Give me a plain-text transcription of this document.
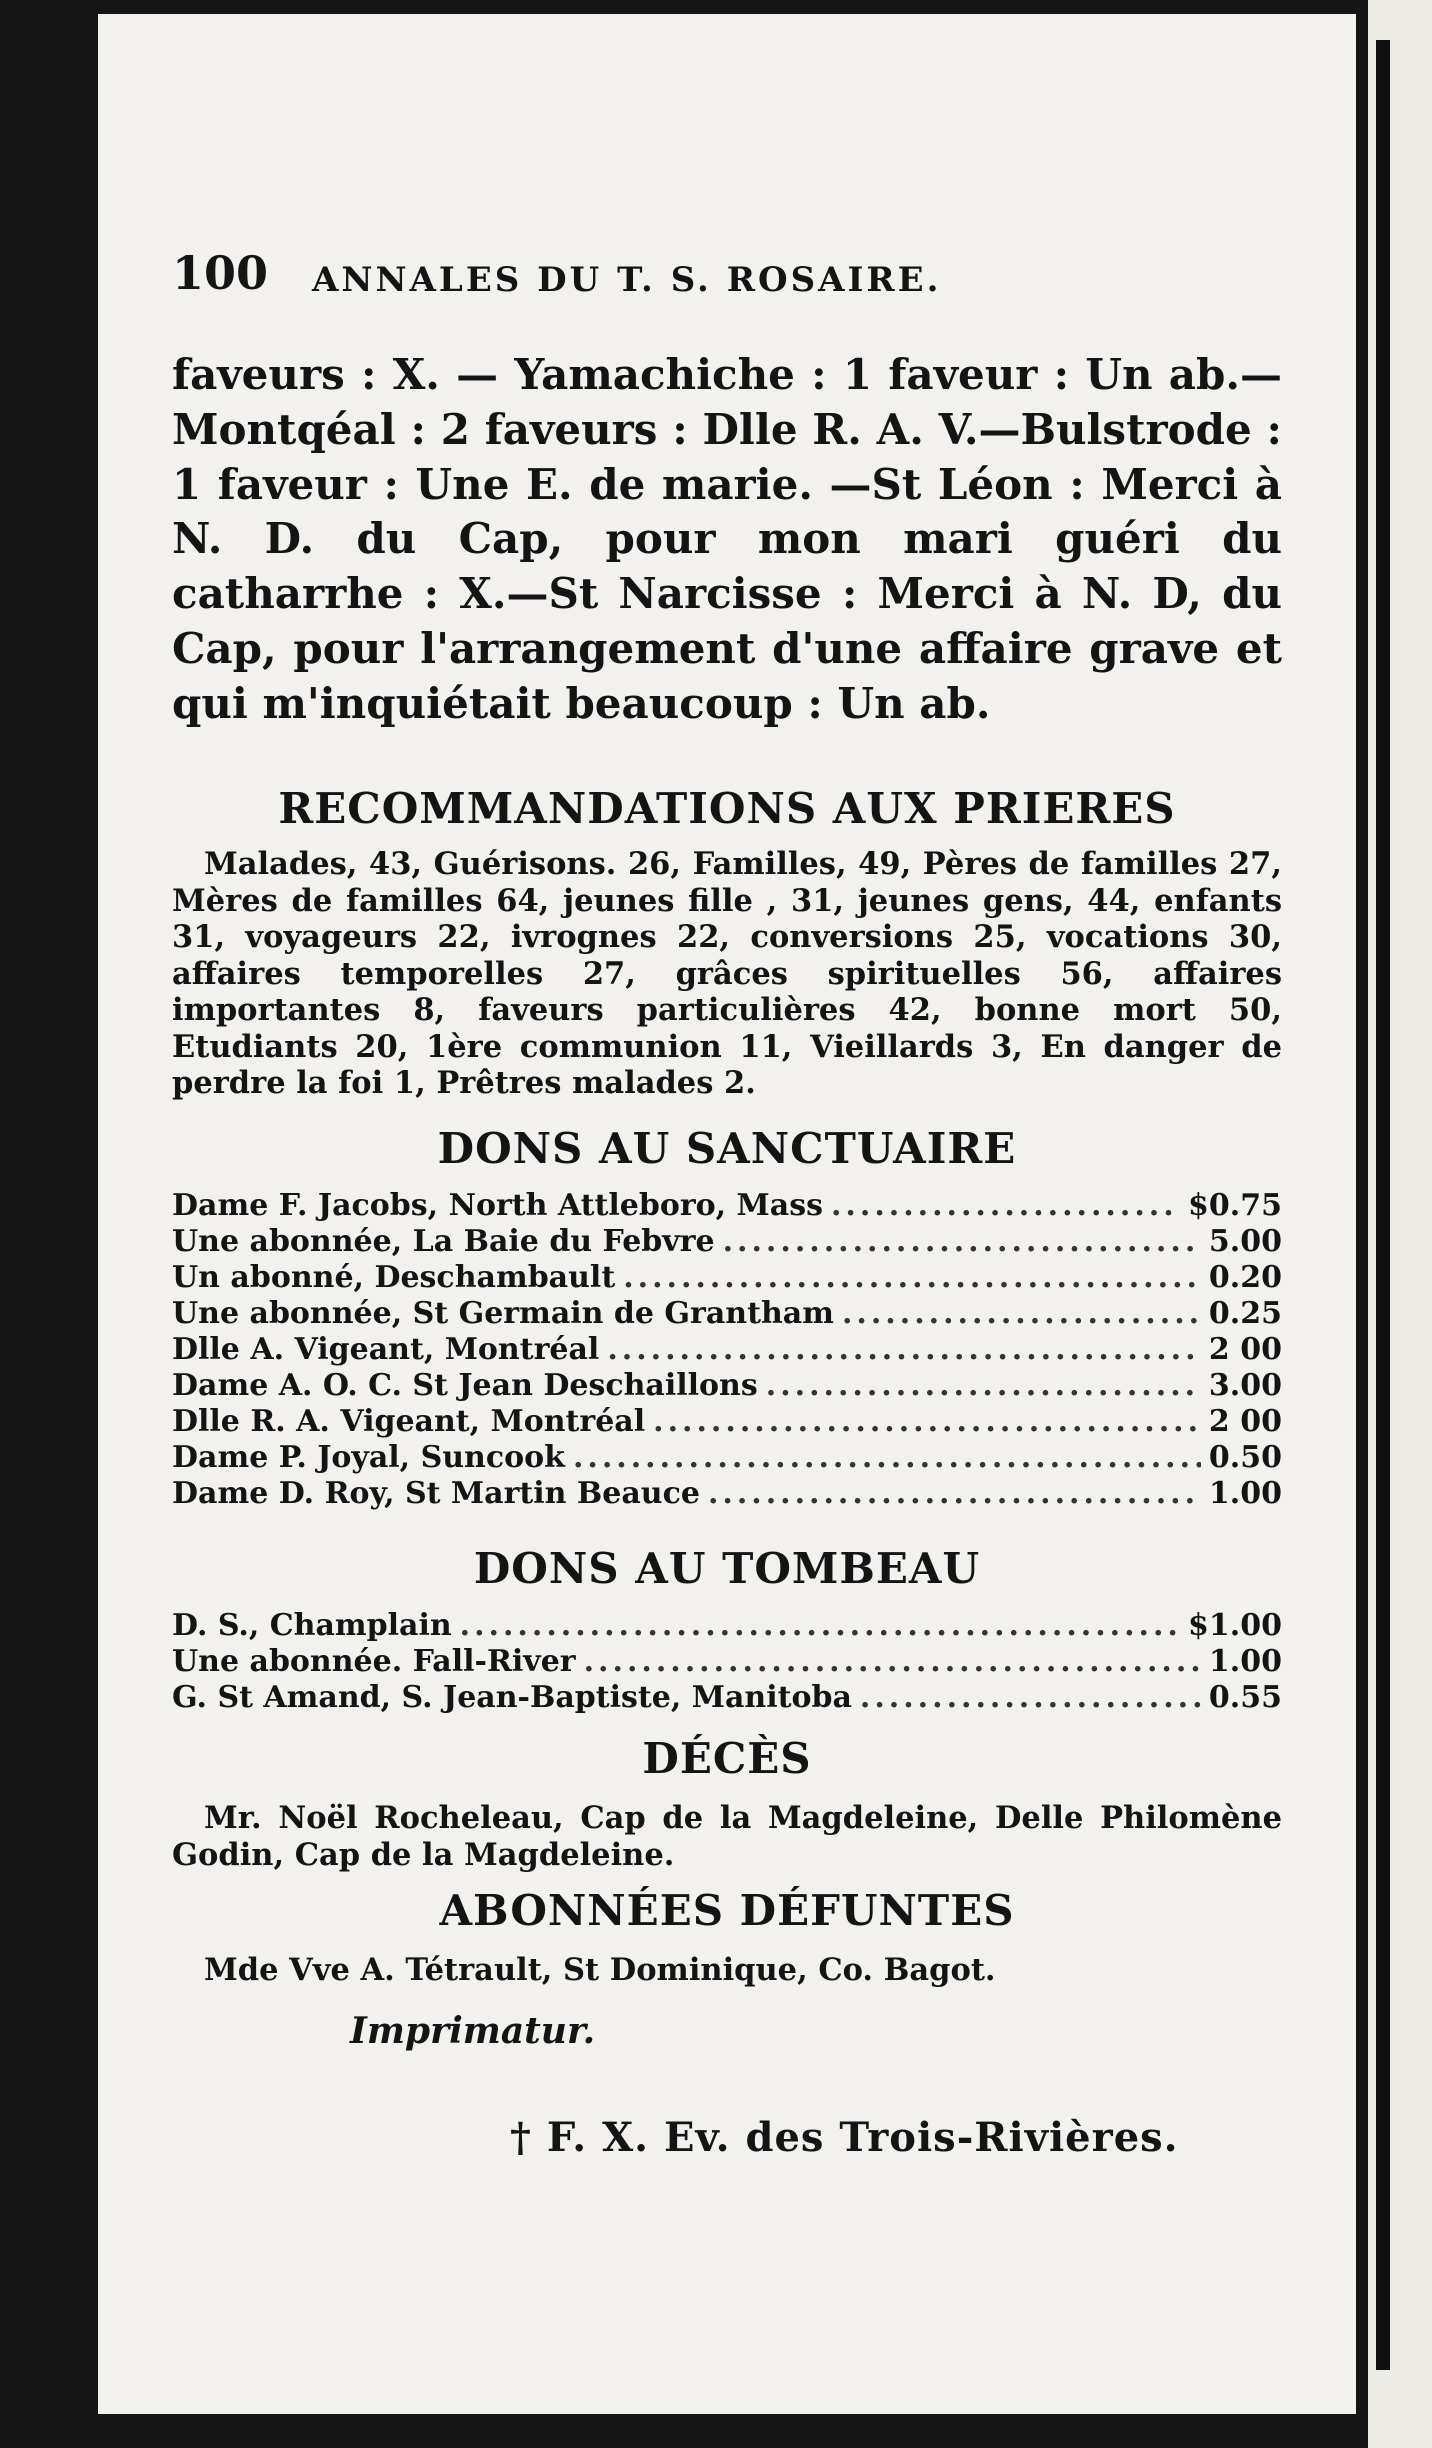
100 ANNALES DU T. S. ROSAIRE.
faveurs : X. — Yamachiche : 1 faveur : Un ab.—Montqéal : 2 faveurs : Dlle R. A. V.—Bulstrode : 1 faveur : Une E. de marie. —St Léon : Merci à N. D. du Cap, pour mon mari guéri du catharrhe : X.—St Narcisse : Merci à N. D, du Cap, pour l'arrangement d'une affaire grave et qui m'inquiétait beaucoup : Un ab.
RECOMMANDATIONS AUX PRIERES
Malades, 43, Guérisons. 26, Familles, 49, Pères de familles 27, Mères de familles 64, jeunes fille , 31, jeunes gens, 44, enfants 31, voyageurs 22, ivrognes 22, conversions 25, vocations 30, affaires temporelles 27, grâces spirituelles 56, affaires importantes 8, faveurs particulières 42, bonne mort 50, Etudiants 20, 1ère communion 11, Vieillards 3, En danger de perdre la foi 1, Prêtres malades 2.
DONS AU SANCTUAIRE
Dame F. Jacobs, North Attleboro, Mass .....	$0.75
Une abonnée, La Baie du Febvre .....	5.00
Un abonné, Deschambault .....	0.20
Une abonnée, St Germain de Grantham .....	0.25
Dlle A. Vigeant, Montréal .....	2 00
Dame A. O. C. St Jean Deschaillons .....	3.00
Dlle R. A. Vigeant, Montréal .....	2 00
Dame P. Joyal, Suncook .....	0.50
Dame D. Roy, St Martin Beauce .....	1.00
DONS AU TOMBEAU
D. S., Champlain .....	$1.00
Une abonnée. Fall-River .....	1.00
G. St Amand, S. Jean-Baptiste, Manitoba .....	0.55
DÉCÈS
Mr. Noël Rocheleau, Cap de la Magdeleine, Delle Philomène Godin, Cap de la Magdeleine.
ABONNÉES DÉFUNTES
Mde Vve A. Tétrault, St Dominique, Co. Bagot.
Imprimatur.
† F. X. Ev. des Trois-Rivières.
